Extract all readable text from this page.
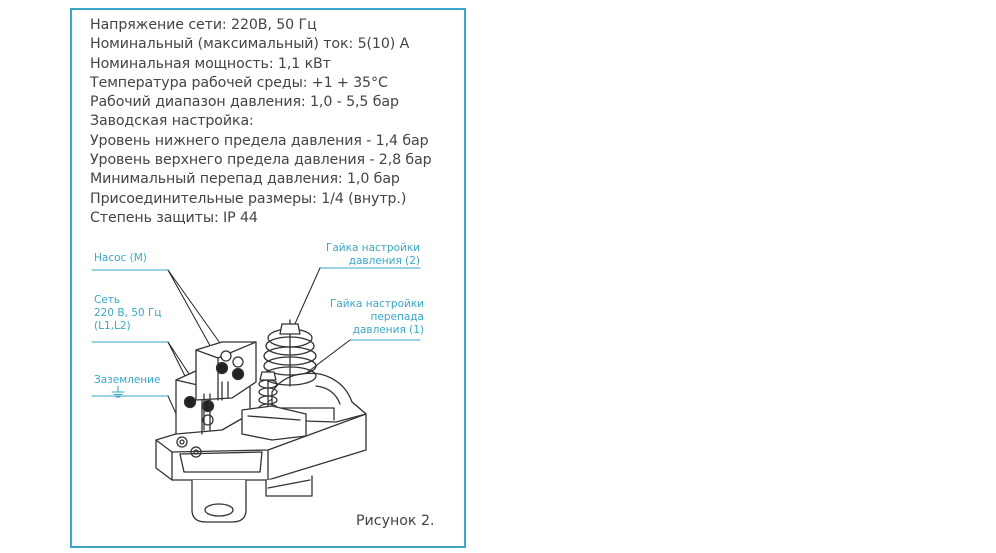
Напряжение сети: 220В, 50 Гц
Номинальный (максимальный) ток: 5(10) А
Номинальная мощность: 1,1 кВт
Температура рабочей среды: +1 + 35°С
Рабочий диапазон давления: 1,0 - 5,5 бар
Заводская настройка:
Уровень нижнего предела давления - 1,4 бар
Уровень верхнего предела давления - 2,8 бар
Минимальный перепад давления: 1,0 бар
Присоединительные размеры: 1/4 (внутр.)
Степень защиты: IP 44
Насос (М)
Сеть
220 В, 50 Гц
(L1,L2)
Заземление
Гайка настройки
давления (2)
Гайка настройки
перепада
давления (1)
Рисунок 2.
